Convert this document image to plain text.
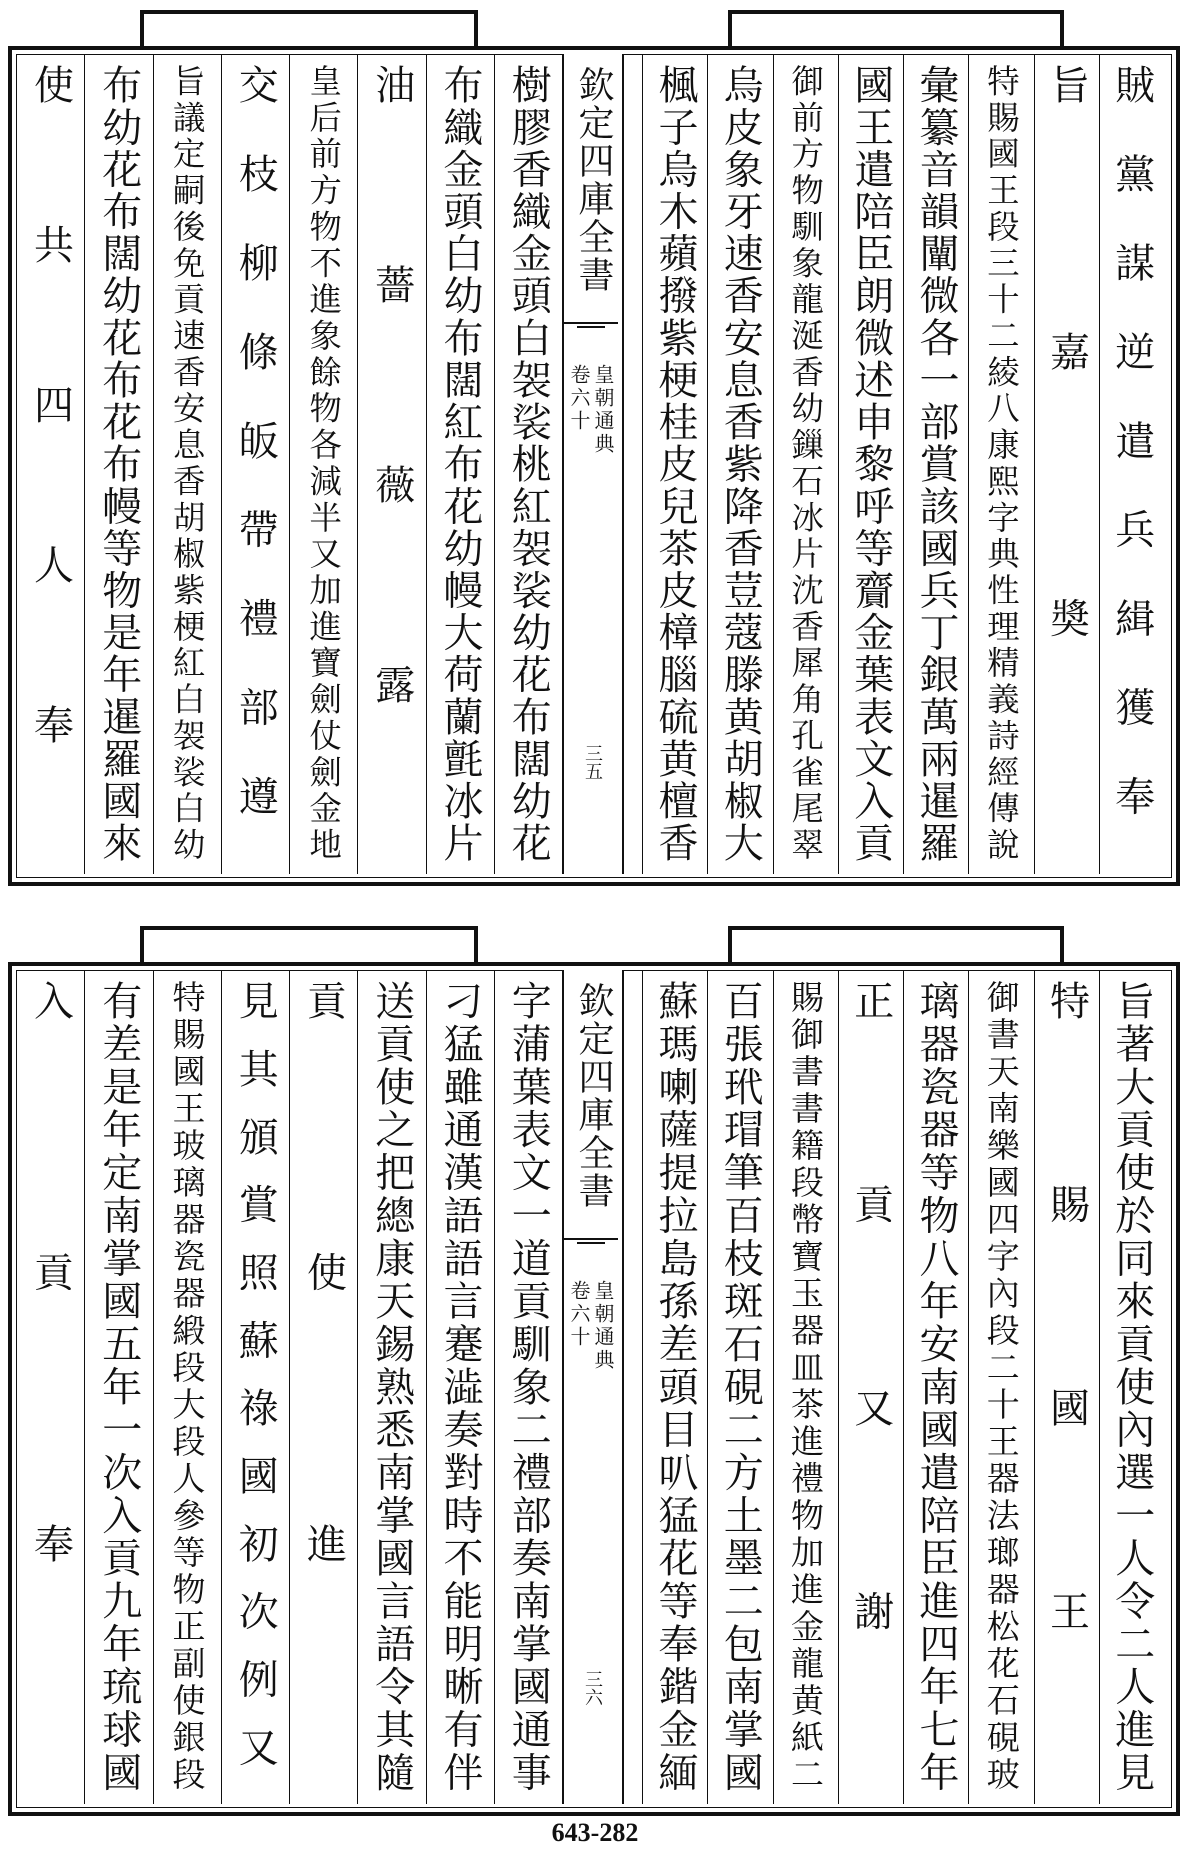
賊黨謀逆遣兵緝獲奉
旨嘉奬
特賜國王段三十二綾八康熙字典性理精義詩經傳說
彙纂音韻闡微各一部賞該國兵丁銀萬兩暹羅
國王遣陪臣朗微述申黎呼等齎金葉表文入貢
御前方物馴象龍涎香幼鏁石冰片沈香犀角孔雀尾翠
烏皮象牙速香安息香紫降香荳蔻滕黄胡椒大
楓子烏木蘋撥紫梗桂皮兒茶皮樟腦硫黄檀香
樹膠香織金頭白袈裟桃紅袈裟幼花布闊幼花
布織金頭白幼布闊紅布花幼幔大荷蘭氈冰片
油薔薇露
皇后前方物不進象餘物各減半又加進寶劍仗劍金地
交枝柳條皈帶禮部遵
旨議定嗣後免貢速香安息香胡椒紫梗紅白袈裟白幼
布幼花布闊幼花布花布幔等物是年暹羅國來
使共四人奉	欽定四庫全書
皇朝通典
卷六十
三五
旨著大貢使於同來貢使內選一人令二人進見
特賜國王
御書天南樂國四字內段二十王器法瑯器松花石硯玻
璃器瓷器等物八年安南國遣陪臣進四年七年
正貢又謝
賜御書書籍段幣寶玉器皿茶進禮物加進金龍黄紙二
百張玳瑁筆百枝斑石硯二方土墨二包南掌國
蘇瑪喇薩提拉島孫差頭目叭猛花等奉鍇金緬
字蒲葉表文一道貢馴象二禮部奏南掌國通事
刁猛雖通漢語語言蹇澁奏對時不能明晰有伴
送貢使之把總康天錫熟悉南掌國言語令其隨
貢使進
見其頒賞照蘇祿國初次例又
特賜國王玻璃器瓷器緞段大段人參等物正副使銀段
有差是年定南掌國五年一次入貢九年琉球國
入貢奉	欽定四庫全書
皇朝通典
卷六十
三六
643-282
